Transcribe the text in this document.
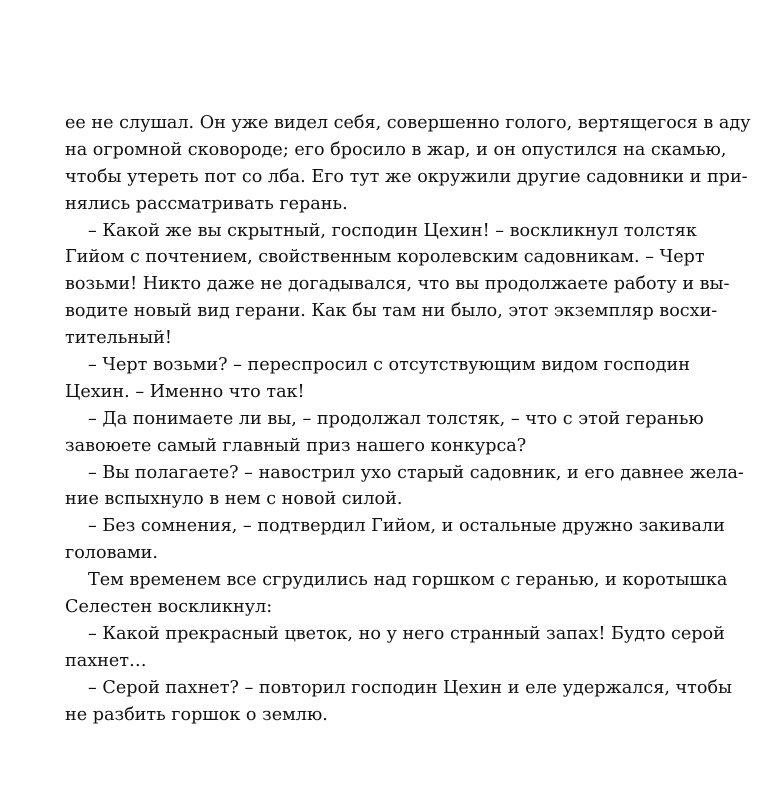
ее не слушал. Он уже видел себя, совершенно голого, вертящегося в аду
на огромной сковороде; его бросило в жар, и он опустился на скамью,
чтобы утереть пот со лба. Его тут же окружили другие садовники и при-
нялись рассматривать герань.
– Какой же вы скрытный, господин Цехин! – воскликнул толстяк
Гийом с почтением, свойственным королевским садовникам. – Черт
возьми! Никто даже не догадывался, что вы продолжаете работу и вы-
водите новый вид герани. Как бы там ни было, этот экземпляр восхи-
тительный!
– Черт возьми? – переспросил с отсутствующим видом господин
Цехин. – Именно что так!
– Да понимаете ли вы, – продолжал толстяк, – что с этой геранью
завоюете самый главный приз нашего конкурса?
– Вы полагаете? – навострил ухо старый садовник, и его давнее жела-
ние вспыхнуло в нем с новой силой.
– Без сомнения, – подтвердил Гийом, и остальные дружно закивали
головами.
Тем временем все сгрудились над горшком с геранью, и коротышка
Селестен воскликнул:
– Какой прекрасный цветок, но у него странный запах! Будто серой
пахнет…
– Серой пахнет? – повторил господин Цехин и еле удержался, чтобы
не разбить горшок о землю.
